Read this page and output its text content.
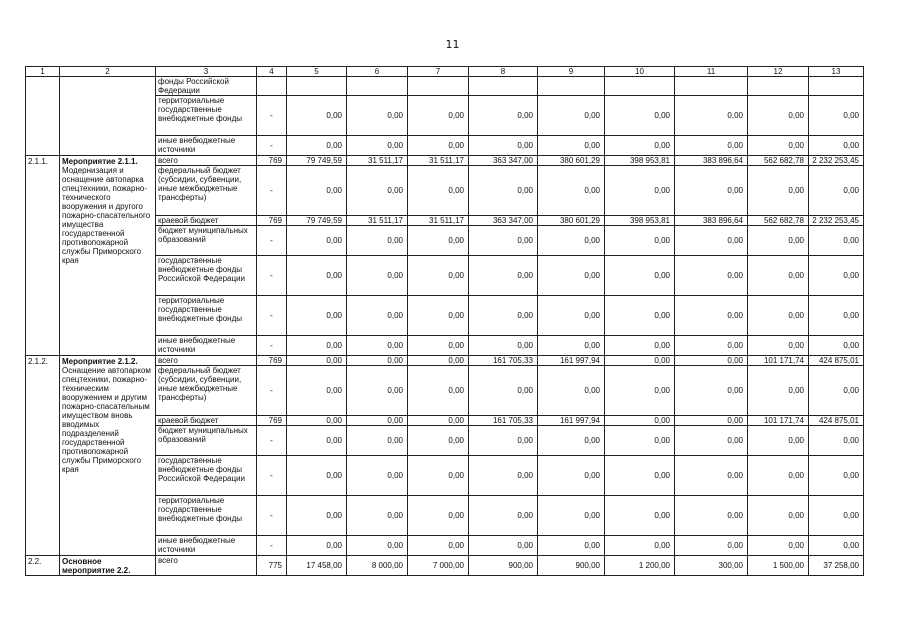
11
1	2	3	4	5	6	7	8	9	10	11	12	13
		фонды Российской Федерации										
		территориальные государственные внебюджетные фонды	-	0,00	0,00	0,00	0,00	0,00	0,00	0,00	0,00	0,00
		иные внебюджетные источники	-	0,00	0,00	0,00	0,00	0,00	0,00	0,00	0,00	0,00
2.1.1.	Мероприятие 2.1.1. Модернизация и оснащение автопарка спецтехники, пожарно-технического вооружения и другого пожарно-спасательного имущества государственной противопожарной службы Приморского края	всего	769	79 749,59	31 511,17	31 511,17	363 347,00	380 601,29	398 953,81	383 896,64	562 682,78	2 232 253,45
		федеральный бюджет (субсидии, субвенции, иные межбюджетные трансферты)	-	0,00	0,00	0,00	0,00	0,00	0,00	0,00	0,00	0,00
		краевой бюджет	769	79 749,59	31 511,17	31 511,17	363 347,00	380 601,29	398 953,81	383 896,64	562 682,78	2 232 253,45
		бюджет муниципальных образований	-	0,00	0,00	0,00	0,00	0,00	0,00	0,00	0,00	0,00
		государственные внебюджетные фонды Российской Федерации	-	0,00	0,00	0,00	0,00	0,00	0,00	0,00	0,00	0,00
		территориальные государственные внебюджетные фонды	-	0,00	0,00	0,00	0,00	0,00	0,00	0,00	0,00	0,00
		иные внебюджетные источники	-	0,00	0,00	0,00	0,00	0,00	0,00	0,00	0,00	0,00
2.1.2.	Мероприятие 2.1.2. Оснащение автопарком спецтехники, пожарно-техническим вооружением и другим пожарно-спасательным имуществом вновь вводимых подразделений государственной противопожарной службы Приморского края	всего	769	0,00	0,00	0,00	161 705,33	161 997,94	0,00	0,00	101 171,74	424 875,01
		федеральный бюджет (субсидии, субвенции, иные межбюджетные трансферты)	-	0,00	0,00	0,00	0,00	0,00	0,00	0,00	0,00	0,00
		краевой бюджет	769	0,00	0,00	0,00	161 705,33	161 997,94	0,00	0,00	101 171,74	424 875,01
		бюджет муниципальных образований	-	0,00	0,00	0,00	0,00	0,00	0,00	0,00	0,00	0,00
		государственные внебюджетные фонды Российской Федерации	-	0,00	0,00	0,00	0,00	0,00	0,00	0,00	0,00	0,00
		территориальные государственные внебюджетные фонды	-	0,00	0,00	0,00	0,00	0,00	0,00	0,00	0,00	0,00
		иные внебюджетные источники	-	0,00	0,00	0,00	0,00	0,00	0,00	0,00	0,00	0,00
2.2.	Основное мероприятие 2.2.	всего	775	17 458,00	8 000,00	7 000,00	900,00	900,00	1 200,00	300,00	1 500,00	37 258,00
